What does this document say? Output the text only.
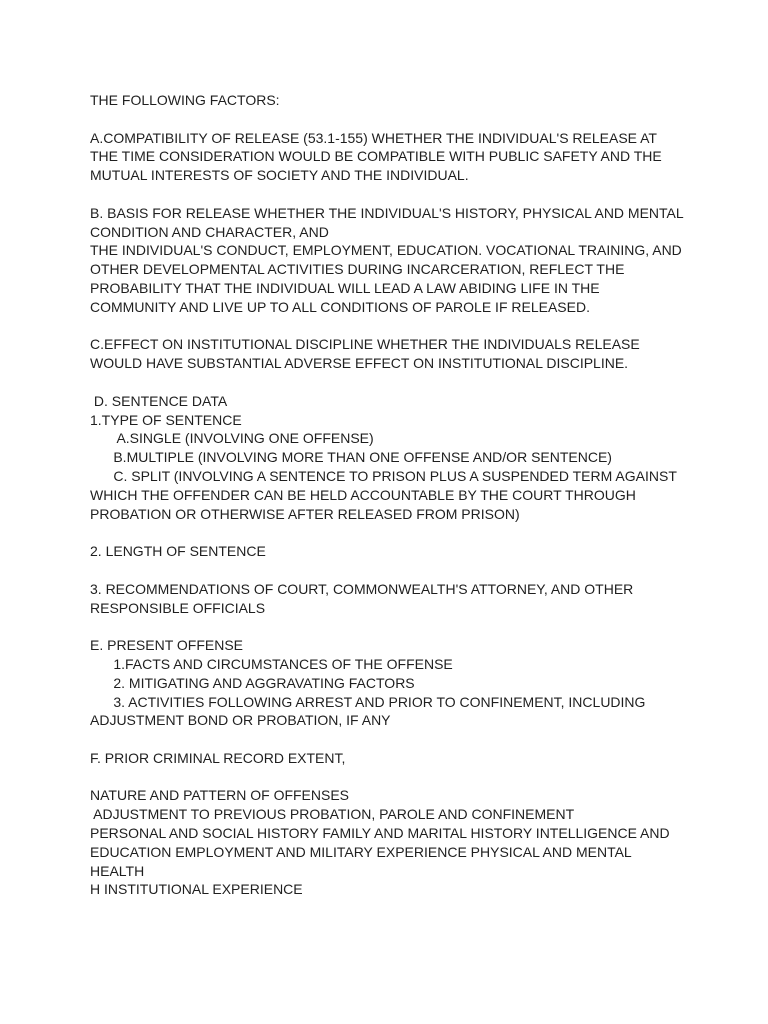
THE FOLLOWING FACTORS:
A.COMPATIBILITY OF RELEASE (53.1-155) WHETHER THE INDIVIDUAL'S RELEASE AT
THE TIME CONSIDERATION WOULD BE COMPATIBLE WITH PUBLIC SAFETY AND THE
MUTUAL INTERESTS OF SOCIETY AND THE INDIVIDUAL.
B. BASIS FOR RELEASE WHETHER THE INDIVIDUAL'S HISTORY, PHYSICAL AND MENTAL
CONDITION AND CHARACTER, AND
THE INDIVIDUAL'S CONDUCT, EMPLOYMENT, EDUCATION. VOCATIONAL TRAINING, AND
OTHER DEVELOPMENTAL ACTIVITIES DURING INCARCERATION, REFLECT THE
PROBABILITY THAT THE INDIVIDUAL WILL LEAD A LAW ABIDING LIFE IN THE
COMMUNITY AND LIVE UP TO ALL CONDITIONS OF PAROLE IF RELEASED.
C.EFFECT ON INSTITUTIONAL DISCIPLINE WHETHER THE INDIVIDUALS RELEASE
WOULD HAVE SUBSTANTIAL ADVERSE EFFECT ON INSTITUTIONAL DISCIPLINE.
D. SENTENCE DATA
1.TYPE OF SENTENCE
A.SINGLE (INVOLVING ONE OFFENSE)
B.MULTIPLE (INVOLVING MORE THAN ONE OFFENSE AND/OR SENTENCE)
C. SPLIT (INVOLVING A SENTENCE TO PRISON PLUS A SUSPENDED TERM AGAINST
WHICH THE OFFENDER CAN BE HELD ACCOUNTABLE BY THE COURT THROUGH
PROBATION OR OTHERWISE AFTER RELEASED FROM PRISON)
2. LENGTH OF SENTENCE
3. RECOMMENDATIONS OF COURT, COMMONWEALTH'S ATTORNEY, AND OTHER
RESPONSIBLE OFFICIALS
E. PRESENT OFFENSE
1.FACTS AND CIRCUMSTANCES OF THE OFFENSE
2. MITIGATING AND AGGRAVATING FACTORS
3. ACTIVITIES FOLLOWING ARREST AND PRIOR TO CONFINEMENT, INCLUDING
ADJUSTMENT BOND OR PROBATION, IF ANY
F. PRIOR CRIMINAL RECORD EXTENT,
NATURE AND PATTERN OF OFFENSES
ADJUSTMENT TO PREVIOUS PROBATION, PAROLE AND CONFINEMENT
PERSONAL AND SOCIAL HISTORY FAMILY AND MARITAL HISTORY INTELLIGENCE AND
EDUCATION EMPLOYMENT AND MILITARY EXPERIENCE PHYSICAL AND MENTAL
HEALTH
H INSTITUTIONAL EXPERIENCE
